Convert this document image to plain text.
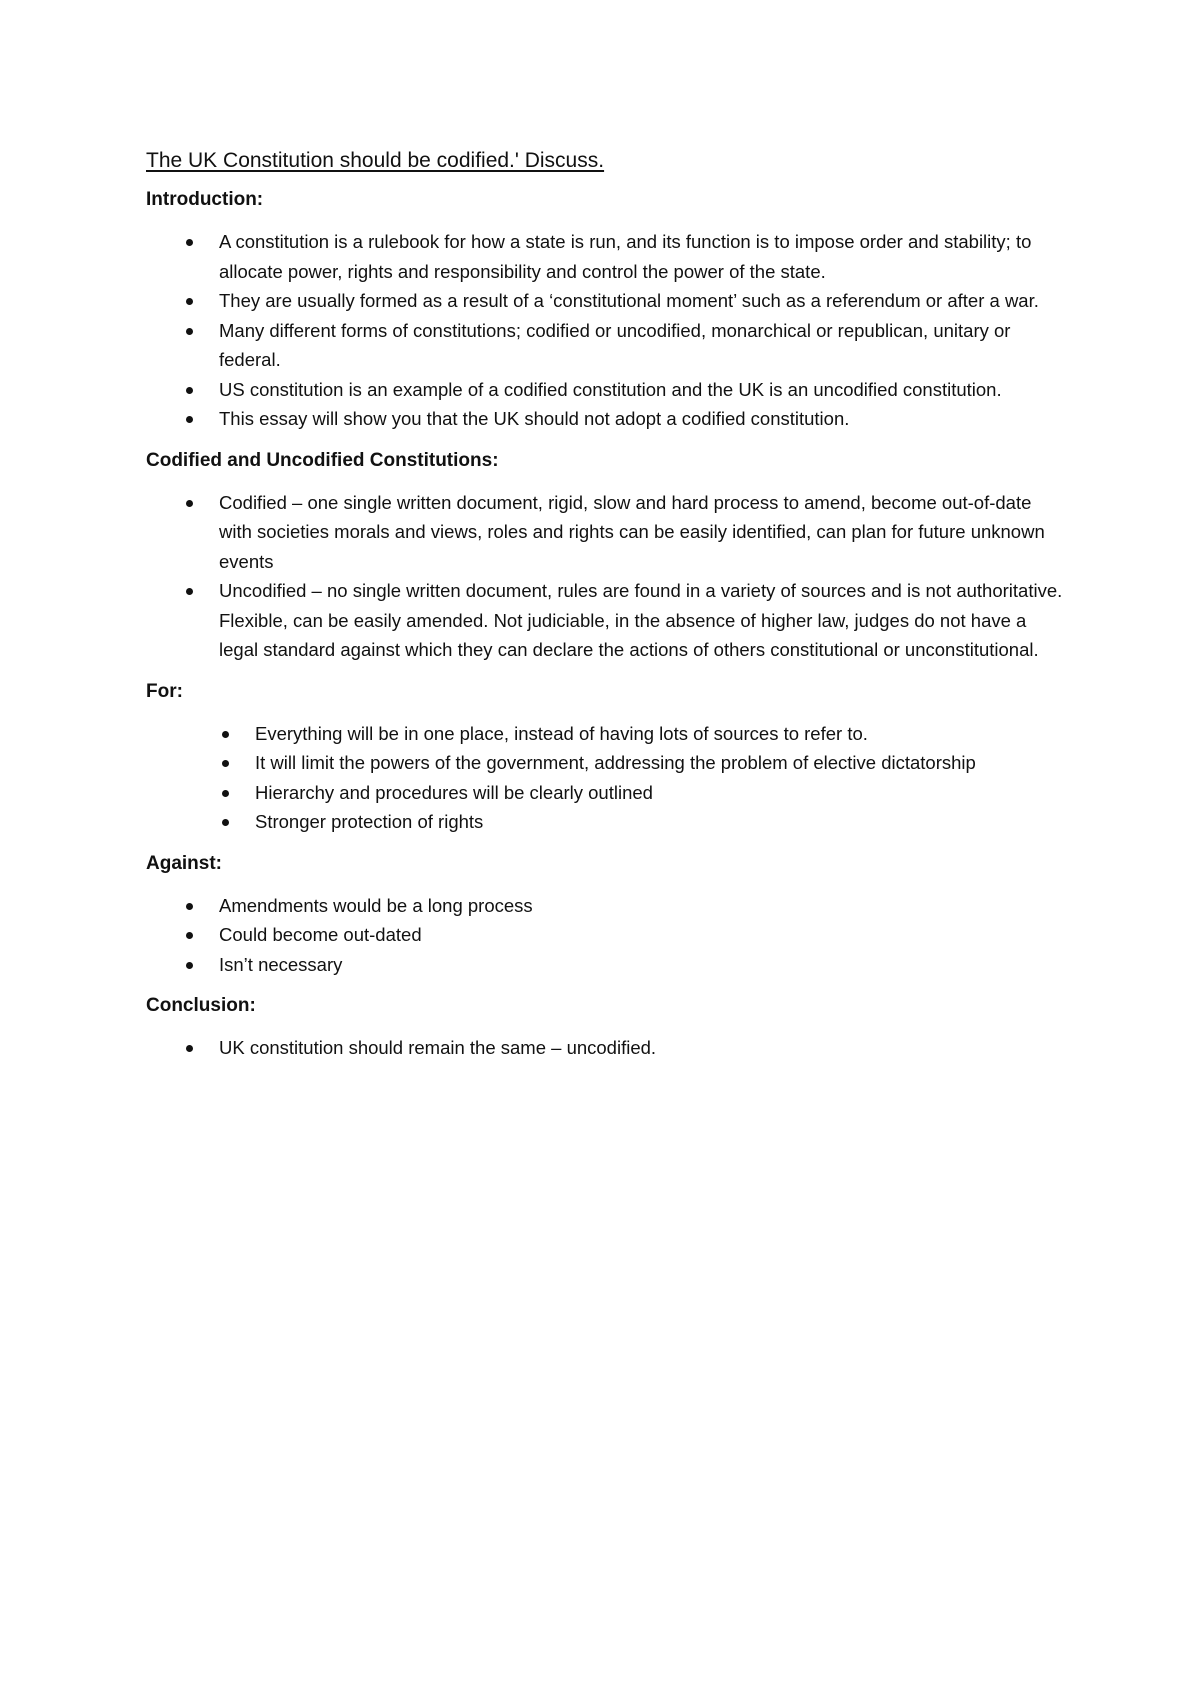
The UK Constitution should be codified.' Discuss.
Introduction:
A constitution is a rulebook for how a state is run, and its function is to impose order and stability; to allocate power, rights and responsibility and control the power of the state.
They are usually formed as a result of a ‘constitutional moment’ such as a referendum or after a war.
Many different forms of constitutions; codified or uncodified, monarchical or republican, unitary or federal.
US constitution is an example of a codified constitution and the UK is an uncodified constitution.
This essay will show you that the UK should not adopt a codified constitution.
Codified and Uncodified Constitutions:
Codified – one single written document, rigid, slow and hard process to amend, become out-of-date with societies morals and views, roles and rights can be easily identified, can plan for future unknown events
Uncodified – no single written document, rules are found in a variety of sources and is not authoritative. Flexible, can be easily amended. Not judiciable, in the absence of higher law, judges do not have a legal standard against which they can declare the actions of others constitutional or unconstitutional.
For:
Everything will be in one place, instead of having lots of sources to refer to.
It will limit the powers of the government, addressing the problem of elective dictatorship
Hierarchy and procedures will be clearly outlined
Stronger protection of rights
Against:
Amendments would be a long process
Could become out-dated
Isn’t necessary
Conclusion:
UK constitution should remain the same – uncodified.
